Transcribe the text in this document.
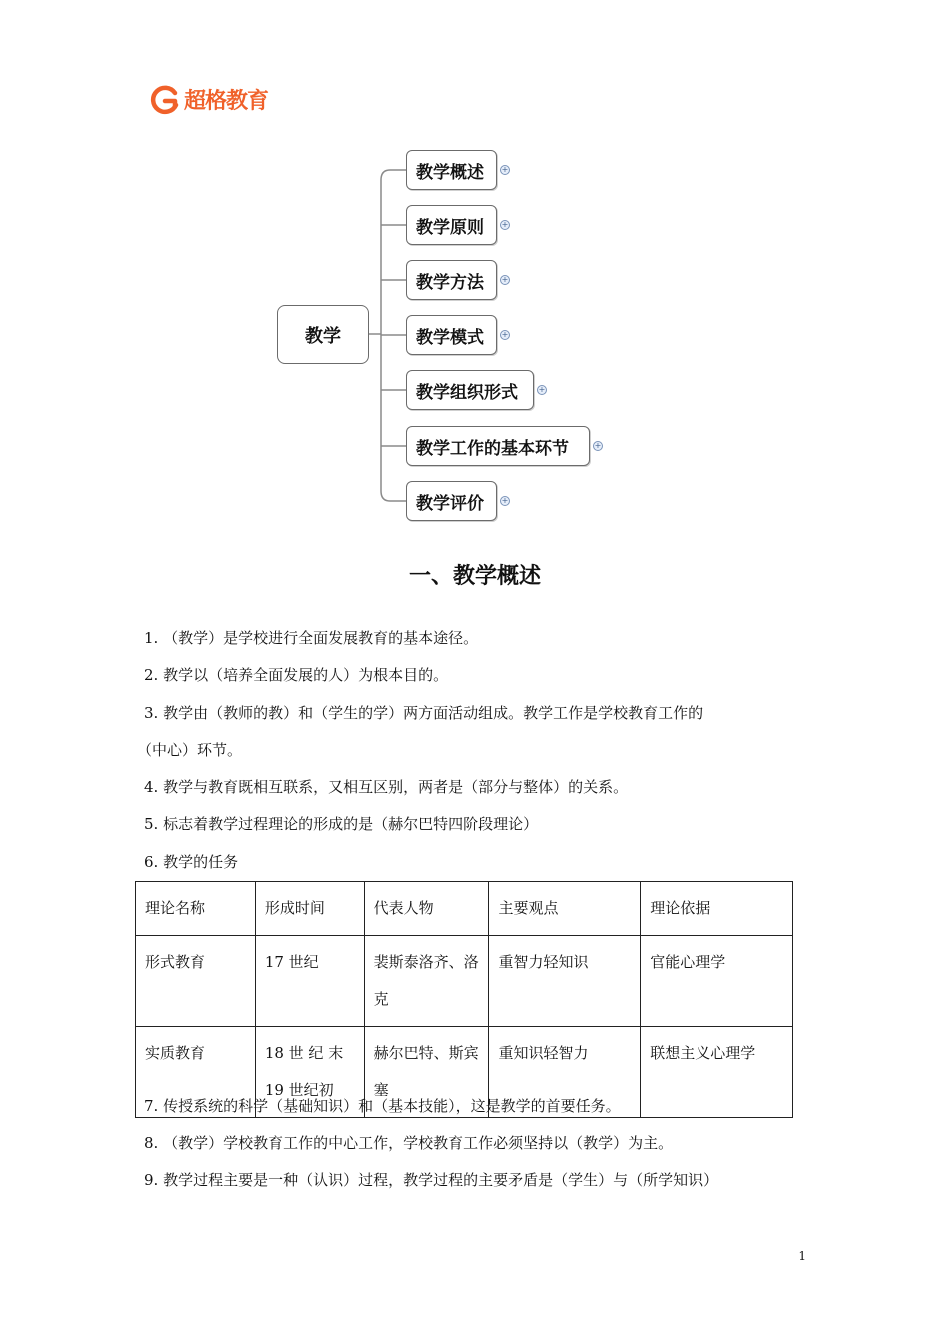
超格教育
教学
教学概述
教学原则
教学方法
教学模式
教学组织形式
教学工作的基本环节
教学评价
+
+
+
+
+
+
+
一、教学概述
1. （教学）是学校进行全面发展教育的基本途径。
2. 教学以（培养全面发展的人）为根本目的。
3. 教学由（教师的教）和（学生的学）两方面活动组成。教学工作是学校教育工作的
（中心）环节。
4. 教学与教育既相互联系，又相互区别，两者是（部分与整体）的关系。
5. 标志着教学过程理论的形成的是（赫尔巴特四阶段理论）
6. 教学的任务
理论名称	形成时间	代表人物	主要观点	理论依据
形式教育	17 世纪	裴斯泰洛齐、洛克	重智力轻知识	官能心理学
实质教育	18 世 纪 末 19 世纪初	赫尔巴特、斯宾塞	重知识轻智力	联想主义心理学
7. 传授系统的科学（基础知识）和（基本技能），这是教学的首要任务。
8. （教学）学校教育工作的中心工作，学校教育工作必须坚持以（教学）为主。
9. 教学过程主要是一种（认识）过程，教学过程的主要矛盾是（学生）与（所学知识）
1
